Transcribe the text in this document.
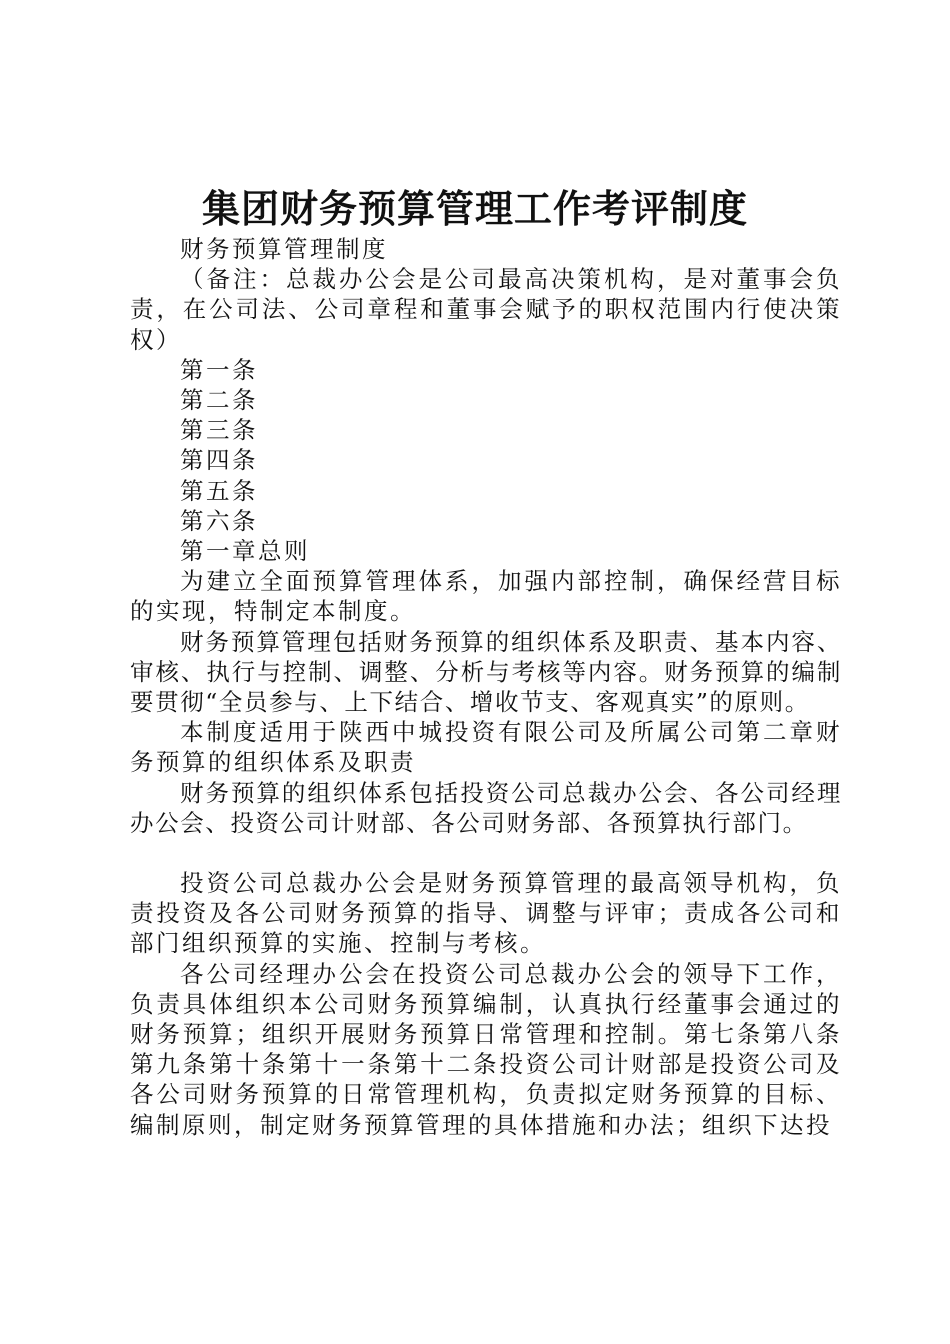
集团财务预算管理工作考评制度

财务预算管理制度

（备注：总裁办公会是公司最高决策机构，是对董事会负责，在公司法、公司章程和董事会赋予的职权范围内行使决策权）

第一条

第二条

第三条

第四条

第五条

第六条

第一章总则

为建立全面预算管理体系，加强内部控制，确保经营目标的实现，特制定本制度。

财务预算管理包括财务预算的组织体系及职责、基本内容、审核、执行与控制、调整、分析与考核等内容。财务预算的编制要贯彻“全员参与、上下结合、增收节支、客观真实”的原则。

本制度适用于陕西中城投资有限公司及所属公司第二章财务预算的组织体系及职责

财务预算的组织体系包括投资公司总裁办公会、各公司经理办公会、投资公司计财部、各公司财务部、各预算执行部门。

投资公司总裁办公会是财务预算管理的最高领导机构，负责投资及各公司财务预算的指导、调整与评审；责成各公司和部门组织预算的实施、控制与考核。

各公司经理办公会在投资公司总裁办公会的领导下工作，负责具体组织本公司财务预算编制，认真执行经董事会通过的财务预算；组织开展财务预算日常管理和控制。第七条第八条第九条第十条第十一条第十二条投资公司计财部是投资公司及各公司财务预算的日常管理机构，负责拟定财务预算的目标、编制原则，制定财务预算管理的具体措施和办法；组织下达投
